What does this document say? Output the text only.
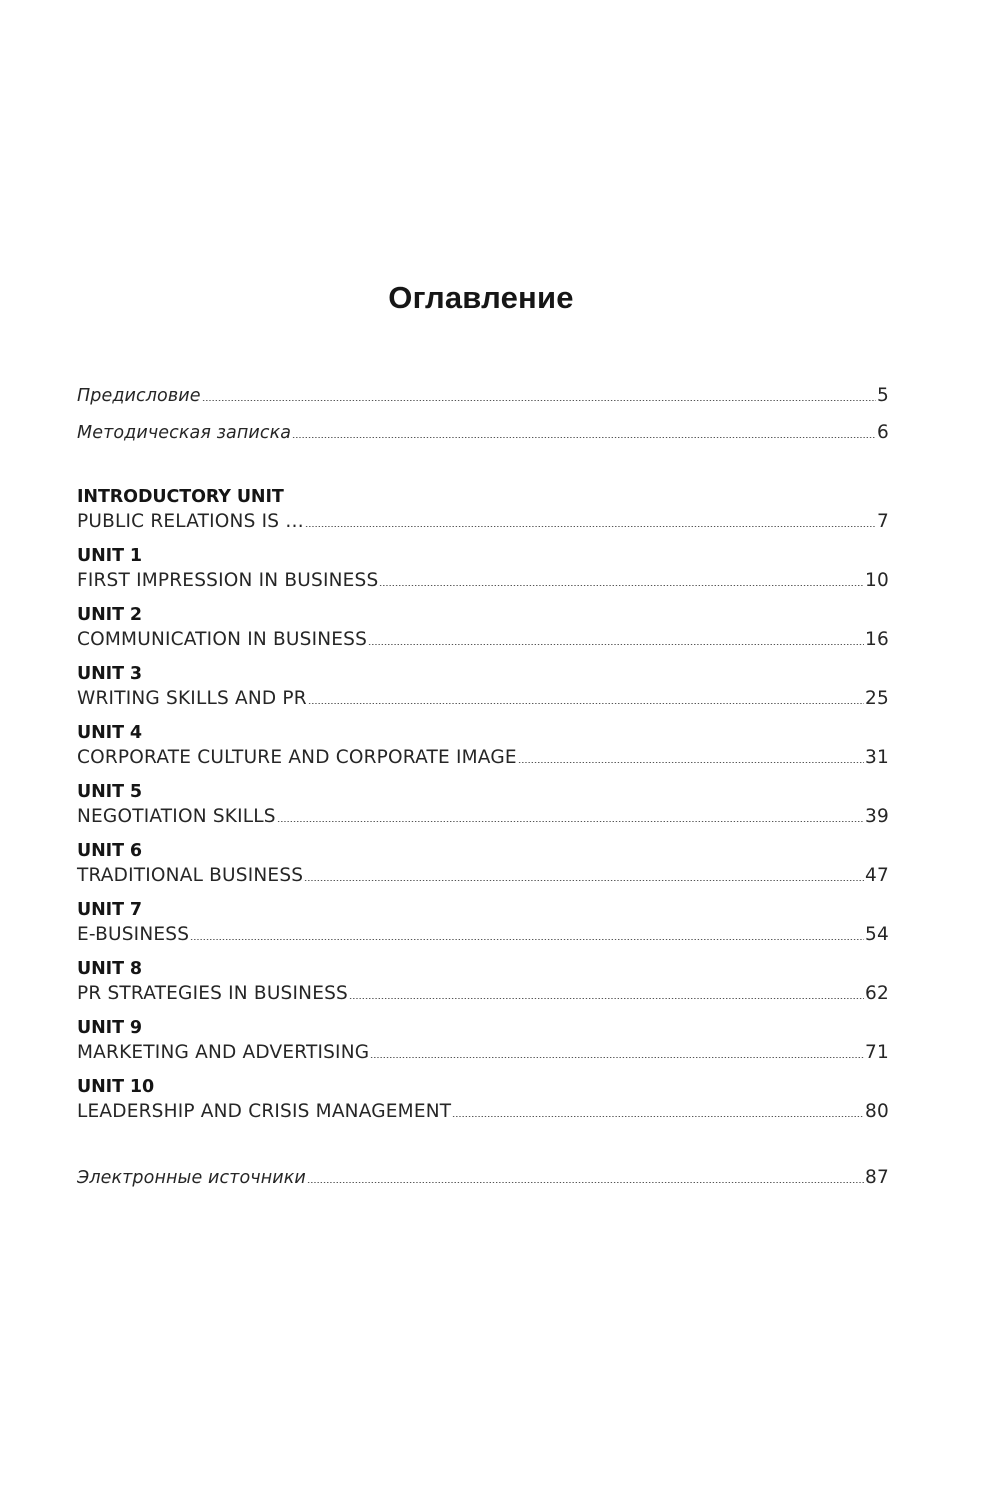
Оглавление
Предисловие	5
Методическая записка	6
INTRODUCTORY UNIT
PUBLIC RELATIONS IS …	7
UNIT 1
FIRST IMPRESSION IN BUSINESS	10
UNIT 2
COMMUNICATION IN BUSINESS	16
UNIT 3
WRITING SKILLS AND PR	25
UNIT 4
CORPORATE CULTURE AND CORPORATE IMAGE	31
UNIT 5
NEGOTIATION SKILLS	39
UNIT 6
TRADITIONAL BUSINESS	47
UNIT 7
E-BUSINESS	54
UNIT 8
PR STRATEGIES IN BUSINESS	62
UNIT 9
MARKETING AND ADVERTISING	71
UNIT 10
LEADERSHIP AND CRISIS MANAGEMENT	80
Электронные источники	87
